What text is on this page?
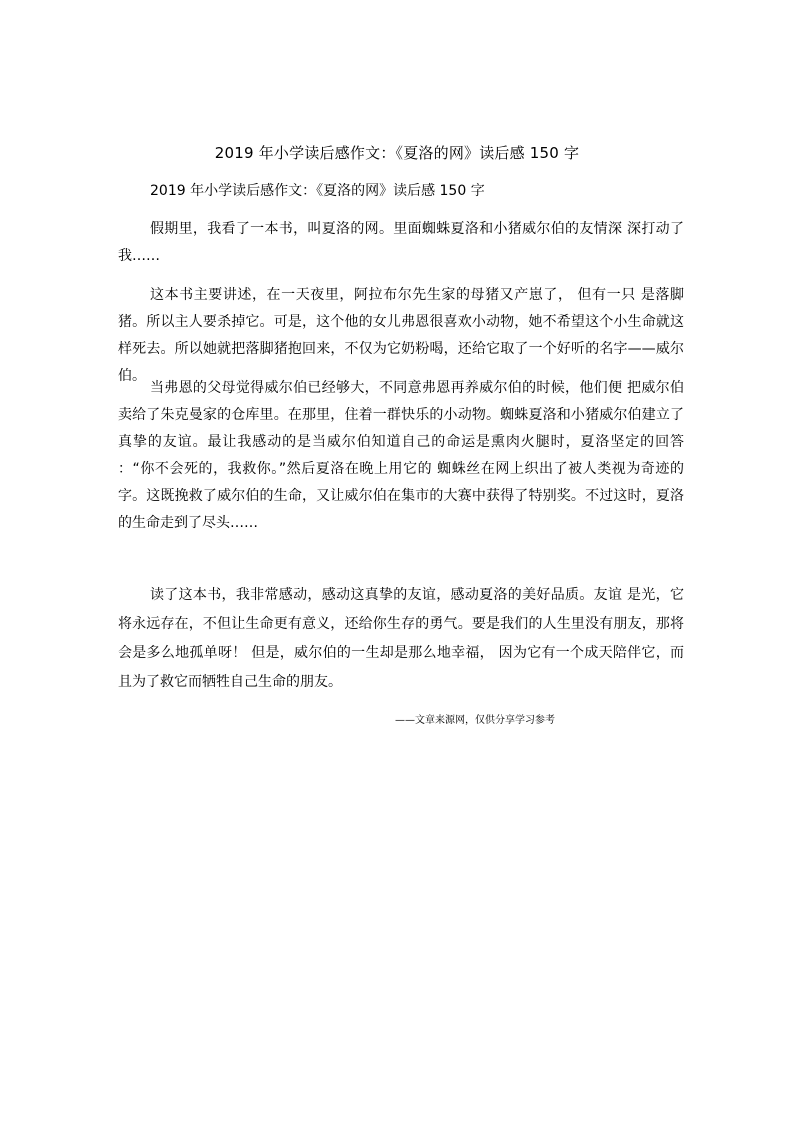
2019 年小学读后感作文：《夏洛的网》读后感 150 字
2019 年小学读后感作文：《夏洛的网》读后感 150 字

假期里，我看了一本书，叫夏洛的网。里面蜘蛛夏洛和小猪威尔伯的友情深 深打动了我……

这本书主要讲述，在一天夜里，阿拉布尔先生家的母猪又产崽了， 但有一只 是落脚猪。所以主人要杀掉它。可是，这个他的女儿弗恩很喜欢小动物，她不希望这个小生命就这样死去。所以她就把落脚猪抱回来，不仅为它奶粉喝，还给它取了一个好听的名字——威尔伯。

当弗恩的父母觉得威尔伯已经够大，不同意弗恩再养威尔伯的时候，他们便 把威尔伯卖给了朱克曼家的仓库里。在那里，住着一群快乐的小动物。蜘蛛夏洛和小猪威尔伯建立了真挚的友谊。最让我感动的是当威尔伯知道自己的命运是熏肉火腿时，夏洛坚定的回答 ：“你不会死的，我救你。”然后夏洛在晚上用它的 蜘蛛丝在网上织出了被人类视为奇迹的字。这既挽救了威尔伯的生命，又让威尔伯在集市的大赛中获得了特别奖。不过这时，夏洛的生命走到了尽头……

读了这本书，我非常感动，感动这真挚的友谊，感动夏洛的美好品质。友谊 是光，它将永远存在，不但让生命更有意义，还给你生存的勇气。要是我们的人生里没有朋友，那将会是多么地孤单呀！ 但是，威尔伯的一生却是那么地幸福， 因为它有一个成天陪伴它，而且为了救它而牺牲自己生命的朋友。

——文章来源网，仅供分享学习参考
